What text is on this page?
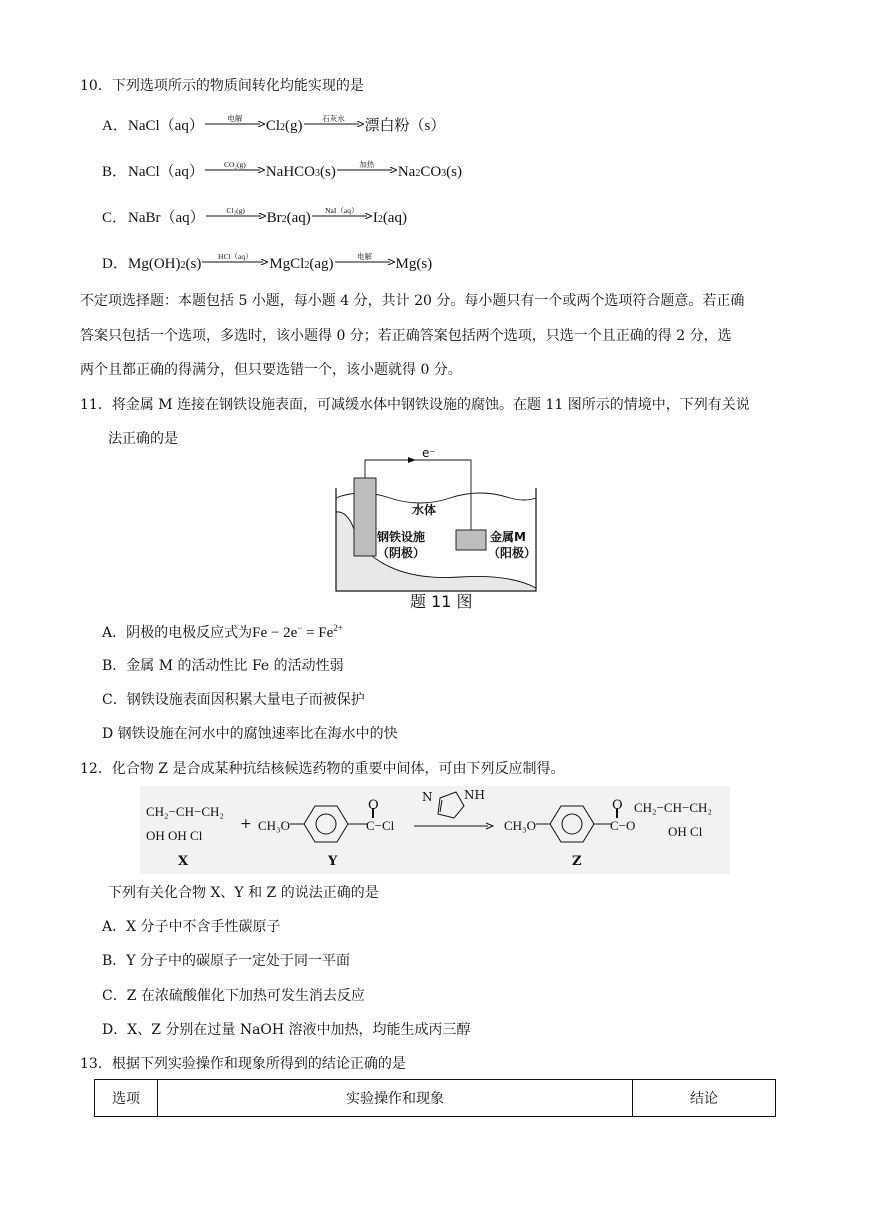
10．下列选项所示的物质间转化均能实现的是
A． NaCl（aq）	电解	Cl 2 (g)	石灰水	漂白粉（s）
B． NaCl（aq）	CO₂(g)	NaHCO 3 (s)	加热	Na 2 CO 3 (s)
C． NaBr（aq）	Cl₂(g)	Br 2 (aq)	NaI（aq） I 2 (aq)
D． Mg(OH) 2 (s)	HCl（aq）	MgCl 2 (ag)	电解	Mg(s)
不定项选择题：本题包括 5 小题，每小题 4 分，共计 20 分。每小题只有一个或两个选项符合题意。若正确
答案只包括一个选项，多选时，该小题得 0 分；若正确答案包括两个选项，只选一个且正确的得 2 分，选
两个且都正确的得满分，但只要选错一个，该小题就得 0 分。
11．将金属 M 连接在钢铁设施表面，可减缓水体中钢铁设施的腐蚀。在题 11 图所示的情境中，下列有关说
法正确的是
e⁻
水体
钢铁设施
（阴极）
金属M
（阳极）
题 11 图
A．阴极的电极反应式为$Fe - 2e^- = Fe^{2+}$
B．金属 M 的活动性比 Fe 的活动性弱
C．钢铁设施表面因积累大量电子而被保护
D 钢铁设施在河水中的腐蚀速率比在海水中的快
12．化合物 Z 是合成某种抗结核候选药物的重要中间体，可由下列反应制得。
CH₂−CH−CH₂
OH OH Cl
+
X
CH₃O
O
C−Cl
Y
N	NH
CH₃O
O
C−O
CH₂−CH−CH₂
OH Cl
Z
下列有关化合物 X、Y 和 Z 的说法正确的是
A．X 分子中不含手性碳原子
B．Y 分子中的碳原子一定处于同一平面
C．Z 在浓硫酸催化下加热可发生消去反应
D．X、Z 分别在过量 NaOH 溶液中加热，均能生成丙三醇
13．根据下列实验操作和现象所得到的结论正确的是
选项	实验操作和现象	结论
